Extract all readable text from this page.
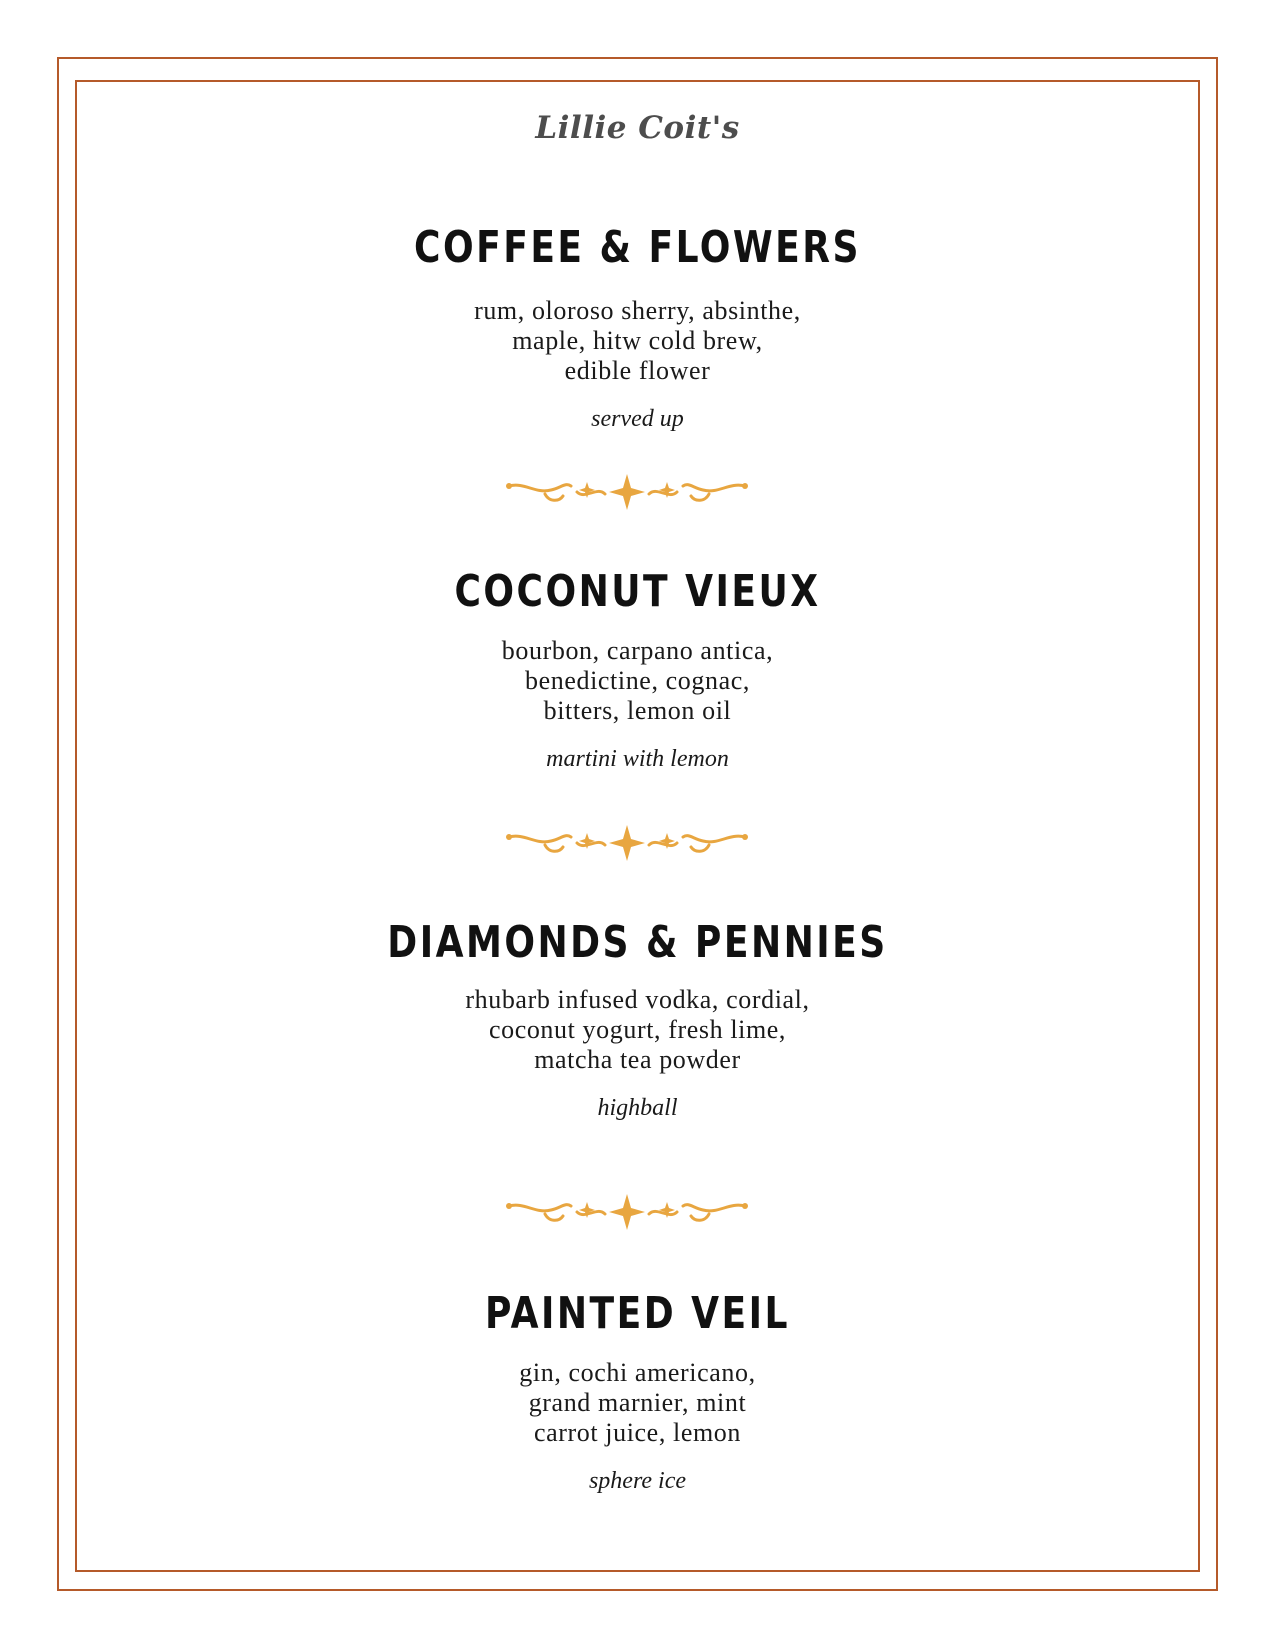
Lillie Coit's
COFFEE & FLOWERS
rum, oloroso sherry, absinthe,
maple, hitw cold brew,
edible flower
served up
COCONUT VIEUX
bourbon, carpano antica,
benedictine, cognac,
bitters, lemon oil
martini with lemon
DIAMONDS & PENNIES
rhubarb infused vodka, cordial,
coconut yogurt, fresh lime,
matcha tea powder
highball
PAINTED VEIL
gin, cochi americano,
grand marnier, mint
carrot juice, lemon
sphere ice
